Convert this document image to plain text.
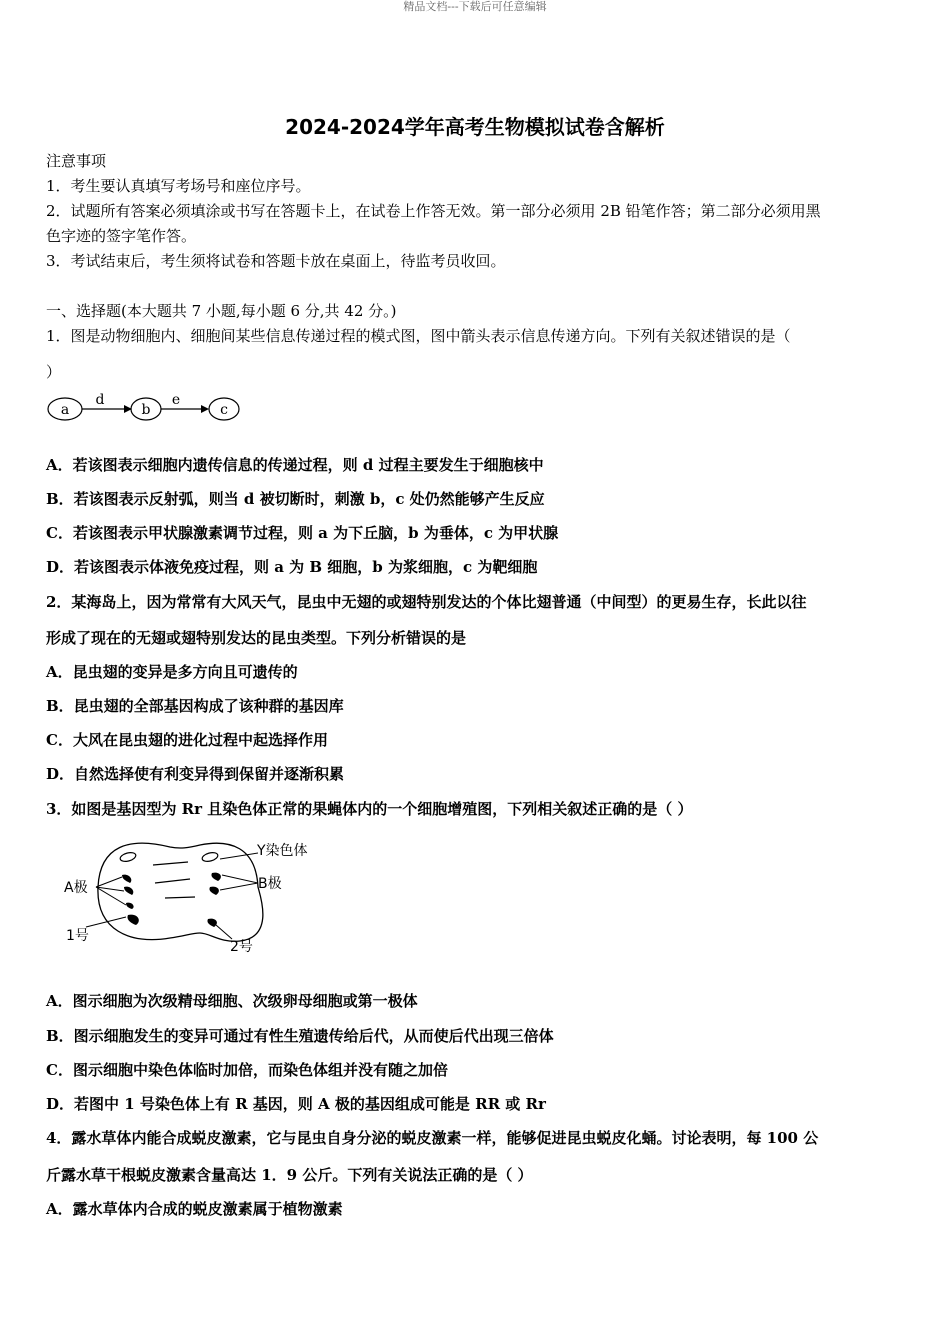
精品文档---下载后可任意编辑
2024-2024学年高考生物模拟试卷含解析
注意事项
1．考生要认真填写考场号和座位序号。
2．试题所有答案必须填涂或书写在答题卡上，在试卷上作答无效。第一部分必须用 2B 铅笔作答；第二部分必须用黑
色字迹的签字笔作答。
3．考试结束后，考生须将试卷和答题卡放在桌面上，待监考员收回。
一、选择题(本大题共 7 小题,每小题 6 分,共 42 分。)
1．图是动物细胞内、细胞间某些信息传递过程的模式图，图中箭头表示信息传递方向。下列有关叙述错误的是（
）
a
d
b
e
c
A．若该图表示细胞内遗传信息的传递过程，则 d 过程主要发生于细胞核中
B．若该图表示反射弧，则当 d 被切断时，刺激 b，c 处仍然能够产生反应
C．若该图表示甲状腺激素调节过程，则 a 为下丘脑，b 为垂体，c 为甲状腺
D．若该图表示体液免疫过程，则 a 为 B 细胞，b 为浆细胞，c 为靶细胞
2．某海岛上，因为常常有大风天气，昆虫中无翅的或翅特别发达的个体比翅普通（中间型）的更易生存，长此以往
形成了现在的无翅或翅特别发达的昆虫类型。下列分析错误的是
A．昆虫翅的变异是多方向且可遗传的
B．昆虫翅的全部基因构成了该种群的基因库
C．大风在昆虫翅的进化过程中起选择作用
D．自然选择使有利变异得到保留并逐渐积累
3．如图是基因型为 Rr 且染色体正常的果蝇体内的一个细胞增殖图，下列相关叙述正确的是（ ）
Y染色体
A极	B极
1号
2号
A．图示细胞为次级精母细胞、次级卵母细胞或第一极体
B．图示细胞发生的变异可通过有性生殖遗传给后代，从而使后代出现三倍体
C．图示细胞中染色体临时加倍，而染色体组并没有随之加倍
D．若图中 1 号染色体上有 R 基因，则 A 极的基因组成可能是 RR 或 Rr
4．露水草体内能合成蜕皮激素，它与昆虫自身分泌的蜕皮激素一样，能够促进昆虫蜕皮化蛹。讨论表明，每 100 公
斤露水草干根蜕皮激素含量高达 1．9 公斤。下列有关说法正确的是（ ）
A．露水草体内合成的蜕皮激素属于植物激素
